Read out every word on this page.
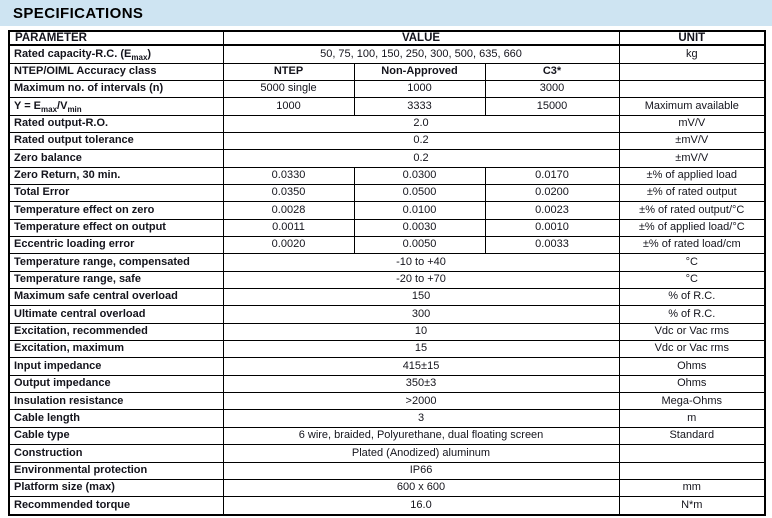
SPECIFICATIONS
PARAMETER	VALUE			UNIT
Rated capacity-R.C. $(E_{max})$	50, 75, 100, 150, 250, 300, 500, 635, 660			kg
NTEP/OIML Accuracy class	NTEP	Non-Approved	C3*	
Maximum no. of intervals (n)	5000 single	1000	3000	
$Y = E_{max}/V_{min}$	1000	3333	15000	Maximum available
Rated output-R.O.	2.0			mV/V
Rated output tolerance	0.2			±mV/V
Zero balance	0.2			±mV/V
Zero Return, 30 min.	0.0330	0.0300	0.0170	±% of applied load
Total Error	0.0350	0.0500	0.0200	±% of rated output
Temperature effect on zero	0.0028	0.0100	0.0023	±% of rated output/°C
Temperature effect on output	0.0011	0.0030	0.0010	±% of applied load/°C
Eccentric loading error	0.0020	0.0050	0.0033	±% of rated load/cm
Temperature range, compensated	-10 to +40			°C
Temperature range, safe	-20 to +70			°C
Maximum safe central overload	150			% of R.C.
Ultimate central overload	300			% of R.C.
Excitation, recommended	10			Vdc or Vac rms
Excitation, maximum	15			Vdc or Vac rms
Input impedance	415±15			Ohms
Output impedance	350±3			Ohms
Insulation resistance	>2000			Mega-Ohms
Cable length	3			m
Cable type	6 wire, braided, Polyurethane, dual floating screen			Standard
Construction	Plated (Anodized) aluminum			
Environmental protection	IP66			
Platform size (max)	600 x 600			mm
Recommended torque	16.0			N*m
